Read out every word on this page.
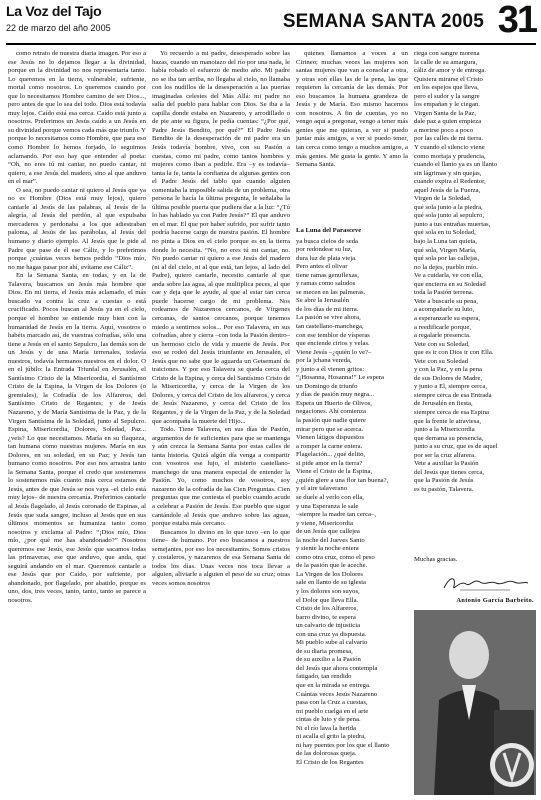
La Voz del Tajo
22 de marzo del año 2005	SEMANA SANTA 2005 31

como retrato de nuestra diaria imagen. Por eso a ese Jesús no lo dejamos llegar a la divinidad, porque en la divinidad no nos representaría tanto. Lo queremos en la tierra, vulnerable, sufriente, mortal como nosotros. Lo queremos cuando por que lo necesitamos Hombre camino de ser Dios..., pero antes de que lo sea del todo. Dios está todavía muy lejos. Caído está esa cerca. Caído está junto a nosotros. Preferimos un Jesús caído a un Jesús en su divinidad porque vemos cada más que triunfo. Y porque lo necesitamos como Hombre, que para eso como Hombre lo hemos forjado, lo seguimos aclamando. Por eso hay que entender al poeta: “Oh, no eres tú mi cantar, no puedo cantar, ni quiero, a ese Jesús del madero, sino al que anduvo en el mar”.

O sea, no puedo cantar ni quiero al Jesús que ya no es Hombre (Dios está muy lejos), quiero cantarle al Jesús de las palabras, al Jesús de la alegría, al Jesús del perdón, al que expulsaba mercaderes y perdonaba a los que adiestraban paloma, al Jesús de las parábolas, al Jesús del humano y diario ejemplo. Al Jesús que le pide al Padre que pase de él ese Cáliz, y lo preferimos porque ¿cuántas veces hemos pedido “Dios mío, no me hagas pasar por ahí, evítame ese Cáliz”.

En la Semana Santa, en todas, y en la de Talavera, buscamos un Jesús más hombre que Dios. En mi tierra, el Jesús más aclamado, el más buscado va contra la cruz a cuestas o está crucificado. Pocos buscan al Jesús ya en el cielo, porque el hombre se entiende muy bien con la humanidad de Jesús en la tierra. Aquí, vosotros o habéis marcado así, de vuestras cofradías, sólo una tiene a Jesús en el santo Sepulcro, las demás son de un Jesús y de una María terrenales, todavía nuestros, todavía hermanos nuestros en el dolor. O en el júbilo: la Entrada Triunfal en Jerusalén, el Santísimo Cristo de la Misericordia, el Santísimo Cristo de la Espina, la Virgen de los Dolores (o gremiales), la Cofradía de los Alfareros, del Santísimo Cristo de Regantes; y de Jesús Nazareno, y de María Santísima de la Paz, y de la Virgen Santísima de la Soledad, junto al Sepulcro. Espina, Misericordia, Dolores, Soledad, Paz... ¿veis? Lo que necesitamos. María en su flaqueza, tan humana como nuestras mujeres. María en sus Dolores, en su soledad, en su Paz; y Jesús tan humano como nosotros. Por eso nos arrastra tanto la Semana Santa, porque el credo que sostenemos lo sostenemos más cuanto más cerca estamos de Jesús, antes de que Jesús se nos vaya –el cielo está muy lejos– de nuestra cercanía. Preferimos cantarle al Jesús flagelado, al Jesús coronado de Espinas, al Jesús que suda sangre, incluso al Jesús que en sus últimos momentos se humaniza tanto como nosotros y exclama al Padre: “¡Dios mío, Dios mío, ¿por qué me has abandonado?” Nosotros queremos ese Jesús, ese Jesús que sacamos todas las primaveras, ese que anduvo, que anda, que seguirá andando en el mar. Queremos cantarle a ese Jesús que por Caído, por sufriente, por abandonado, por flagelado, por abatido, porque es uno, dos, tres veces, tanto, tanto, tanto se parece a nosotros.

Yo recuerdo a mi padre, desesperado sobre las hazas, cuando un manotazo del río por una nada, le había robado el esfuerzo de medio año. Mi padre no se iba tan arriba, no llegaba al cielo, no llamaba con los nudillos de la desesperación a las puertas imaginadas celestes del Más Allá: mi padre no salía del pueblo para hablar con Dios. Se iba a la capilla donde estaba en Nazareno, y arrodillado o de pie ante su figura, le pedía cuentas: “¿Por qué, Padre Jesús Bendito, por qué?” El Padre Jesús Bendito de la desesperación de mi padre era un Jesús todavía hombre, vivo, con su Pasión a cuestas, como mi padre, como tantos hombres y mujeres como iban a pedirle. Era –y es todavía– tanta la fe, tanta la confianza de algunas gentes con el Padre Jesús del tablo que cuando alguien comentaba la imposible salida de un problema, otra persona le hacía la última pregunta, le señalaba la última posible puerta que pudiera dar a la luz: “¿Tú lo has hablado ya con Padre Jesús?” El que anduvo en el mar. El que por haber sufrido, por sufrir tanto podría hacerse cargo de nuestra pasión. El hombre no pinta a Dios en el cielo porque es en la tierra donde lo necesita. “No, no eres tú mi cantar, no. No puedo cantar ni quiero a ese Jesús del madero (ni al del cielo, ni al que está, tan lejos, al lado del Padre), quiero cantarle, necesito cantarle al que anda sobre las agua, al que multiplica peces, al que cae y deja que le ayude, al que al estar tan cerca puede hacerse cargo de mi problema. Nos rodeamos de Nazarenos cercanos, de Vírgenes cercanas, de santos cercanos, porque tenemos miedo a sentirnos solos... Por eso Talavera, en sus cofradías, abre y cierra –con toda la Pasión dentro– un hermoso ciclo de vida y muerte de Jesús. Por eso se rodeó del Jesús triunfante en Jerusalén, el Jesús que no sabe que le aguarda un Getsemaní de traiciones. Y por eso Talavera se queda cerca del Cristo de la Espina, y cerca del Santísimo Cristo de la Misericordia, y cerca de la Virgen de los Dolores, y cerca del Cristo de los alfareros, y cerca de Jesús Nazareno, y cerca del Cristo de los Regantes, y de la Virgen de la Paz, y de la Soledad que acompaña la muerte del Hijo...

Todo. Tiene Talavera, en sus días de Pasión, argumentos de fe suficientes para que se mantenga y aún crezca la Semana Santa por estas calles de tanta historia. Quizá algún día venga a compartir con vosotros ese lujo, el misterio castellano-manchego de una manera especial de entender la Pasión. Yo, como muchos de vosotros, soy nazareno de la cofradía de las Cien Preguntas. Cien preguntas que me contesta el pueblo cuando acude a celebrar a Pasión de Jesús. Ese pueblo que sigue cantándole al Jesús que anduvo sobre las aguas, porque estaba más cercano.

Buscamos lo divino en lo que tuvo –en lo que tiene– de humano. Por eso buscamos a nuestros semejantes, por eso los necesitamos. Somos cristos y costaleros, y nazarenos de esa Semana Santa de todos los días. Unas veces nos toca llevar a alguien, aliviarle a alguien el peso de su cruz; otras veces somos nosotros

quienes llamamos a voces a un Cirineo; muchas veces las mujeres son santas mujeres que van a consolar a otra, y otras son ellas las de la pena, las que requieren la cercanía de las demás. Por eso buscamos la humana grandeza de Jesús y de María. Eso mismo hacemos con nosotros. A fin de cuentas, yo no vengo aquí a pregonar, vengo a tener más gentes que me quieran, a ver si puedo juntar más amigos, a ver si puedo tener, tan cerca como tengo a muchos amigos, a más gentes. Me gusta la gente. Y amo la Semana Santa.

La Luna del Parasceve
ya busca cielos de seda
por redondear su luz,
dura luz de plata vieja.
Pero antes el olivar
tiene ramas genuflexas,
y ramas como saludos
se mecen en las palmeras.
Se abre la Jerusalén
de los días de mi tierra.
La pasión se vive ahora,
tan castellano-manchega,
con ese temblor de vísperas
que enciende cirios y velas.
Viene Jesús –¿quién lo ve?–
por la jchana vereda,
y junto a él vienen gritos:
“¡Hosanna, Hosanna!” Le espera
un Domingo de triunfo
y días de pasión muy negra...
Espera un Huerto de Olivos,
negaciones. Ahí comienza
la pasión que nadie quiere
mirar pero que se acerca.
Vienen látigos dispuestos
a romper la carne entera.
Flagelación... ¿qué delito,
si pide amor en la tierra?
Viene el Cristo de la Espina,
¿quién giere a una flor tan buena?,
y el aire talaverano
se duele al verlo con ella,
y una Esperanza le sale
–siempre la madre tan cerca–,
y viene, Misericordia
de un Jesús que callejea
la noche del Jueves Santo
y siente la noche entera
como otra cruz, como el peso
de la pasión que le aceche.
La Virgen de los Dolores
sale en llanto de su iglesia
y los dolores son suyos,
el Dolor que lleva Ella.
Cristo de los Alfareros,
barro divino, te espera
un calvario de injusticia
con una cruz ya dispuesta.
Mi pueblo sube al calvario
de su diaria promesa,
de su auxilio a la Pasión
del Jesús que ahora contempla
fatigado, tan rendido
que en la mirada se entrega.
Cuántas veces Jesús Nazareno
pasa con la Cruz a cuestas,
mi pueblo cuelga en el arte
cintas de luto y de pena.
Ni el río lava la herida
ni acalla el grito la piedra,
ni hay puentes por los que el llanto
de las dolorosas queja.
El Cristo de los Regantes
riega con sangre morena
la calle de su amargura,
cáliz de amor y de entrega.
Quisiera mirarse el Cristo
en los espejos que lleva,
pero el sudor y la sangre
los empañan y le ciegan.
Virgen Santa de la Paz,
dale paz a quien empieza
a morirse poco a poco
por las calles de mi tierra.
Y cuando el silencio viene
como mortaja y prudencia,
cuando el llanto ya es un llanto
sin lágrimas y sin quejas,
cuando expira el Redentor,
aquel Jesús de la Fuerza,
Virgen de la Soledad,
qué sola junto a la piedra,
qué sola junto al sepulcro,
junto a tus entrañas muertas,
qué sola en tu Soledad,
bajo la Luna tan quieta,
qué sola, Virgen María,
qué sola por las callejas,
no la dejes, pueblo mío.
Ve a cuidarla, ve con ella,
que encierra en su Soledad
toda la Pasión terrena.
Vete a buscarle su pena,
a acompañarle su luto,
a esperanzarle su espera,
a reedificarle porque,
a regalarle presencia.
Vete con su Soledad,
que es ir con Dios ir con Ella.
Vete con su Soledad
y con la Paz, y en la pena
de sus Dolores de Madre,
y junto a El, siempre cerca,
siempre cerca de esa Entrada
de Jerusalén en fiesta,
siempre cerca de esa Espina
que la frente le atraviesa,
junto a la Misericordia
que derrama su presencia,
junto a su cruz, que es de aquel
por ser la cruz alfarera.
Vete a auxiliar la Pasión
del Jesús que tienes cerca,
que la Pasión de Jesús
es tu pasión, Talavera.
Muchas gracias.
Antonio García Barbeito.
